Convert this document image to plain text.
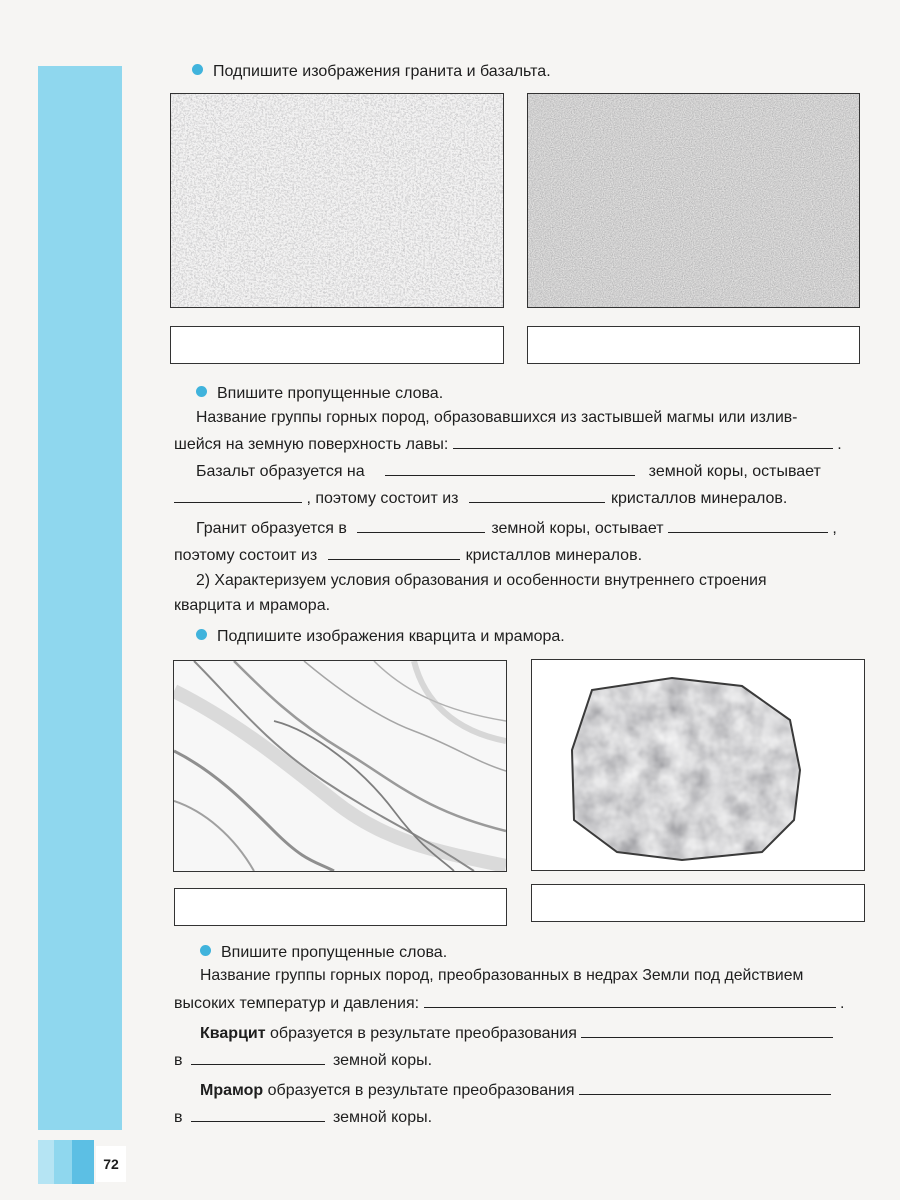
72
Подпишите изображения гранита и базальта.
Впишите пропущенные слова.
Название группы горных пород, образовавшихся из застывшей магмы или излив-
шейся на земную поверхность лавы:	.
Базальт образуется на	земной коры, остывает
, поэтому состоит из	кристаллов минералов.
Гранит образуется в	земной коры, остывает	,
поэтому состоит из	кристаллов минералов.
2) Характеризуем условия образования и особенности внутреннего строения
кварцита и мрамора.
Подпишите изображения кварцита и мрамора.
Впишите пропущенные слова.
Название группы горных пород, преобразованных в недрах Земли под действием
высоких температур и давления:	.
Кварцит образуется в результате преобразования
в	земной коры.
Мрамор образуется в результате преобразования
в	земной коры.
